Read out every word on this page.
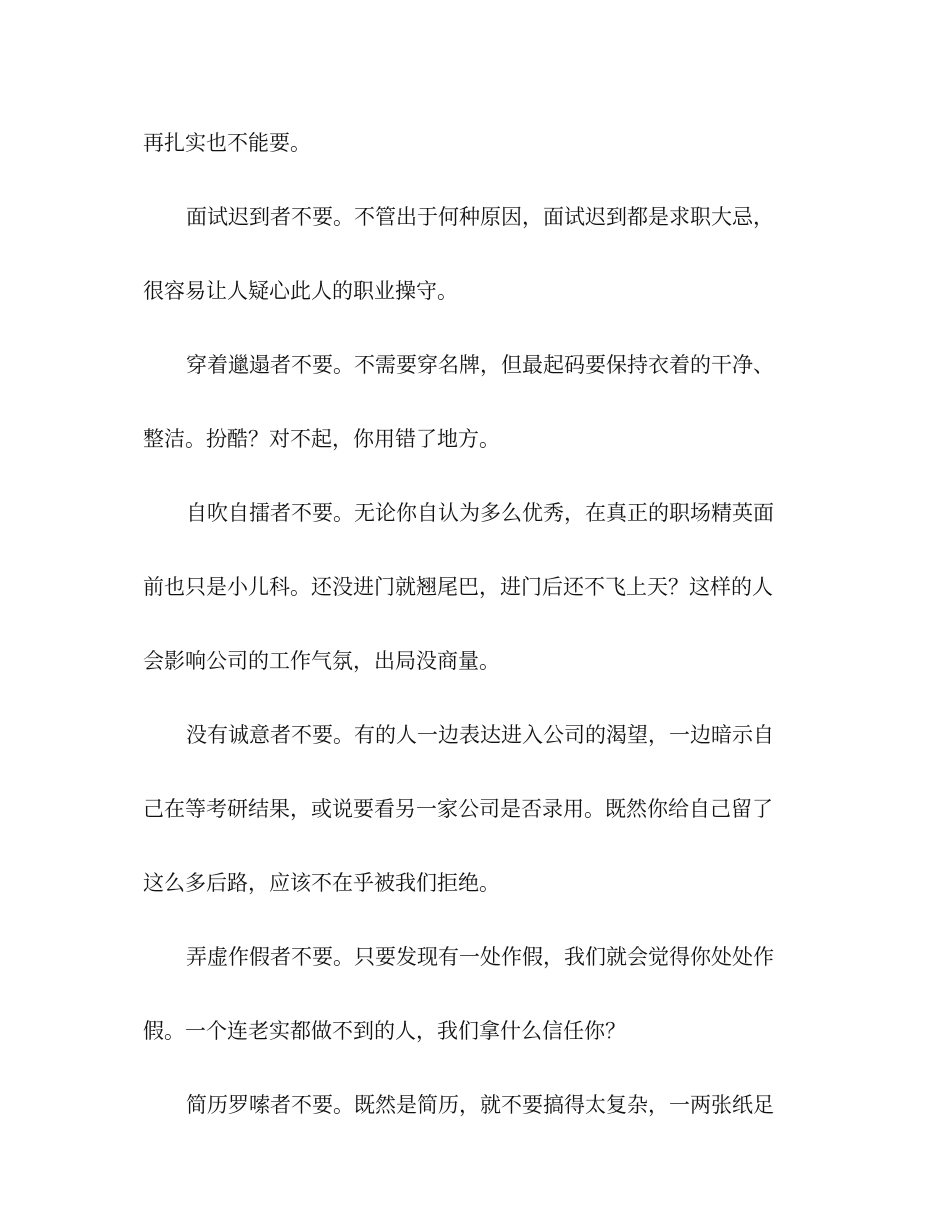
再扎实也不能要。
面试迟到者不要。不管出于何种原因，面试迟到都是求职大忌，
很容易让人疑心此人的职业操守。
穿着邋遢者不要。不需要穿名牌，但最起码要保持衣着的干净、
整洁。扮酷？对不起，你用错了地方。
自吹自擂者不要。无论你自认为多么优秀，在真正的职场精英面
前也只是小儿科。还没进门就翘尾巴，进门后还不飞上天？这样的人
会影响公司的工作气氛，出局没商量。
没有诚意者不要。有的人一边表达进入公司的渴望，一边暗示自
己在等考研结果，或说要看另一家公司是否录用。既然你给自己留了
这么多后路，应该不在乎被我们拒绝。
弄虚作假者不要。只要发现有一处作假，我们就会觉得你处处作
假。一个连老实都做不到的人，我们拿什么信任你？
简历罗嗦者不要。既然是简历，就不要搞得太复杂，一两张纸足
